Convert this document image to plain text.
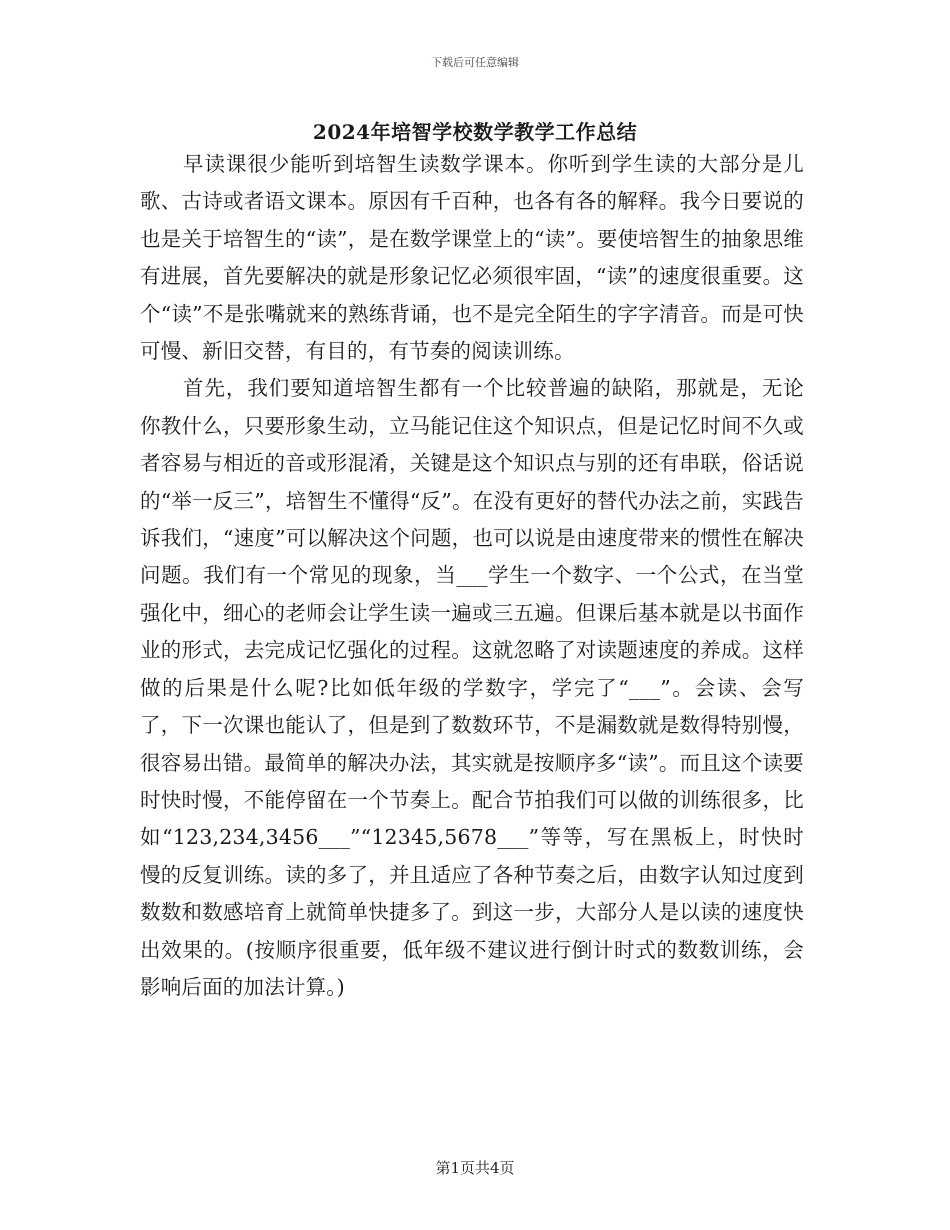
下载后可任意编辑
2024年培智学校数学教学工作总结

早读课很少能听到培智生读数学课本。你听到学生读的大部分是儿歌、古诗或者语文课本。原因有千百种，也各有各的解释。我今日要说的也是关于培智生的“读”，是在数学课堂上的“读”。要使培智生的抽象思维有进展，首先要解决的就是形象记忆必须很牢固，“读”的速度很重要。这个“读”不是张嘴就来的熟练背诵，也不是完全陌生的字字清音。而是可快可慢、新旧交替，有目的，有节奏的阅读训练。

首先，我们要知道培智生都有一个比较普遍的缺陷，那就是，无论你教什么，只要形象生动，立马能记住这个知识点，但是记忆时间不久或者容易与相近的音或形混淆，关键是这个知识点与别的还有串联，俗话说的“举一反三”，培智生不懂得“反”。在没有更好的替代办法之前，实践告诉我们，“速度”可以解决这个问题，也可以说是由速度带来的惯性在解决问题。我们有一个常见的现象，当___学生一个数字、一个公式，在当堂强化中，细心的老师会让学生读一遍或三五遍。但课后基本就是以书面作业的形式，去完成记忆强化的过程。这就忽略了对读题速度的养成。这样做的后果是什么呢?比如低年级的学数字，学完了“___”。会读、会写了，下一次课也能认了，但是到了数数环节，不是漏数就是数得特别慢，很容易出错。最简单的解决办法，其实就是按顺序多“读”。而且这个读要时快时慢，不能停留在一个节奏上。配合节拍我们可以做的训练很多，比如“123,234,3456___”“12345,5678___”等等，写在黑板上，时快时慢的反复训练。读的多了，并且适应了各种节奏之后，由数字认知过度到数数和数感培育上就简单快捷多了。到这一步，大部分人是以读的速度快出效果的。(按顺序很重要，低年级不建议进行倒计时式的数数训练，会影响后面的加法计算。)

第1页共4页
